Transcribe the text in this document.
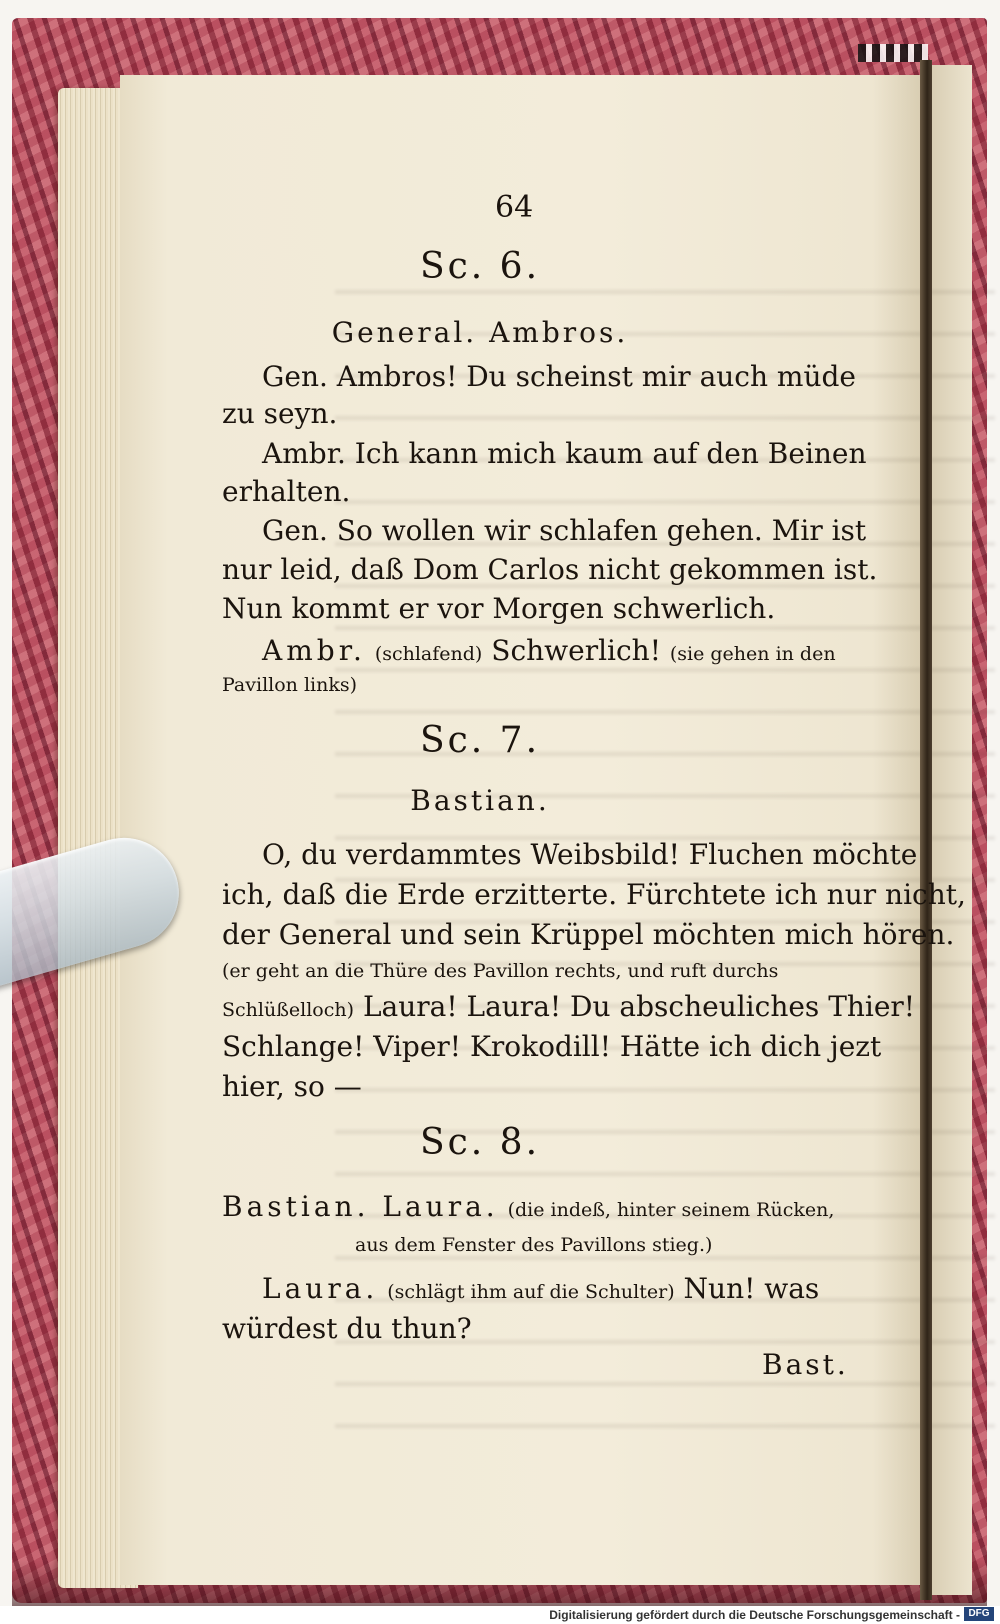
64

Sc. 6.
General. Ambros.

Gen. Ambros! Du scheinst mir auch müde

zu seyn.

Ambr. Ich kann mich kaum auf den Beinen

erhalten.

Gen. So wollen wir schlafen gehen. Mir ist

nur leid, daß Dom Carlos nicht gekommen ist.

Nun kommt er vor Morgen schwerlich.

Ambr. (schlafend) Schwerlich! (sie gehen in den

Pavillon links)

Sc. 7.
Bastian.

O, du verdammtes Weibsbild! Fluchen möchte

ich, daß die Erde erzitterte. Fürchtete ich nur nicht,

der General und sein Krüppel möchten mich hören.

(er geht an die Thüre des Pavillon rechts, und ruft durchs

Schlüßelloch) Laura! Laura! Du abscheuliches Thier!

Schlange! Viper! Krokodill! Hätte ich dich jezt

hier, so —

Sc. 8.

Bastian. Laura. (die indeß, hinter seinem Rücken,

aus dem Fenster des Pavillons stieg.)

Laura. (schlägt ihm auf die Schulter) Nun! was

würdest du thun?

Bast.

Digitalisierung gefördert durch die Deutsche Forschungsgemeinschaft - DFG
